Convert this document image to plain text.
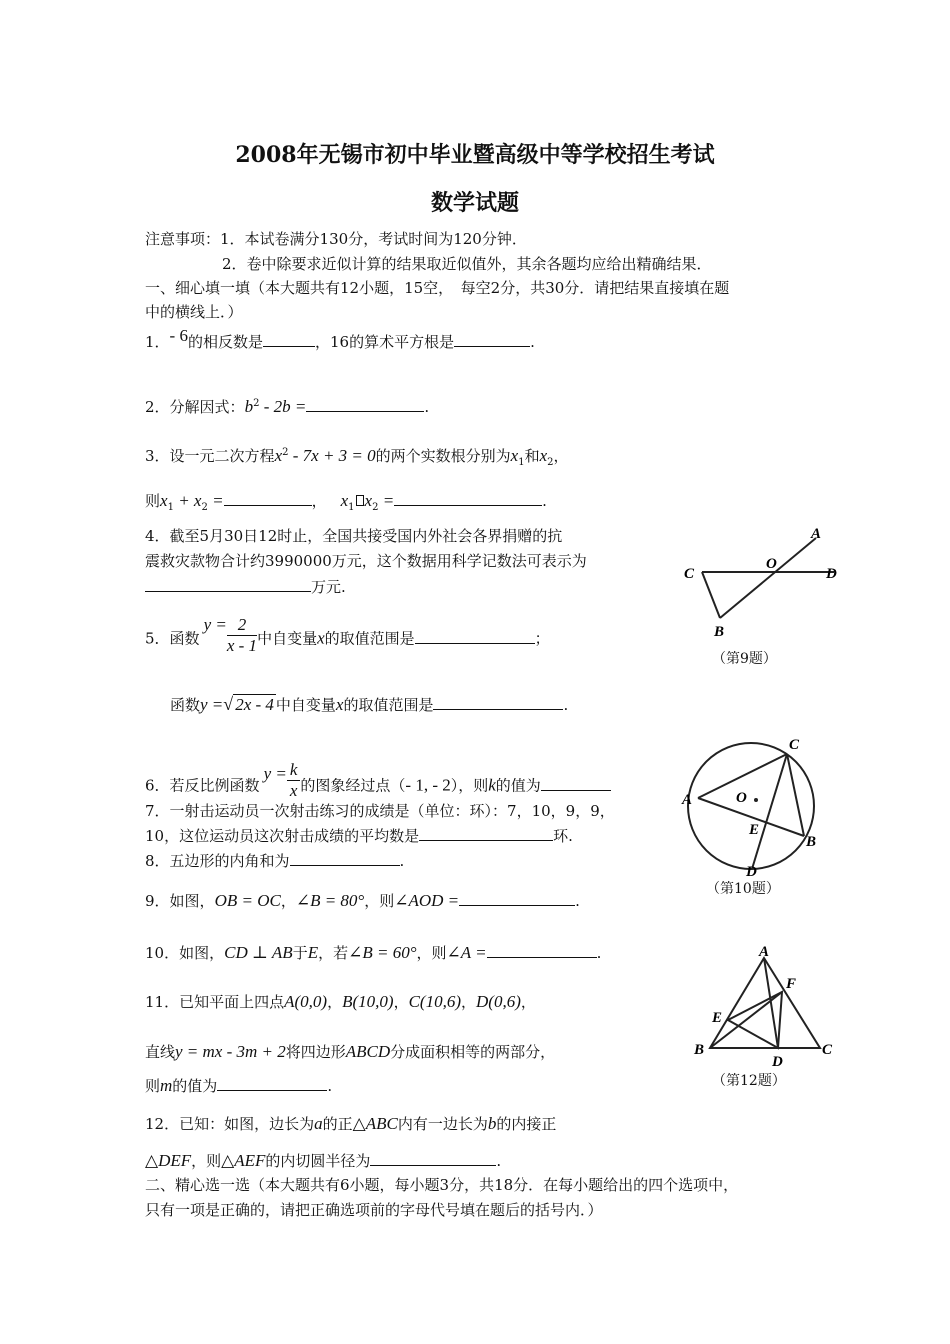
2008年无锡市初中毕业暨高级中等学校招生考试
数学试题
注意事项：1．本试卷满分130分，考试时间为120分钟．
2．卷中除要求近似计算的结果取近似值外，其余各题均应给出精确结果．
一、细心填一填（本大题共有12小题，15空，　每空2分，共30分．请把结果直接填在题
中的横线上．）
1．- 6的相反数是	，16的算术平方根是	.
2．分解因式：$b^2 - 2b$ =	.
3．设一元二次方程$x^2 - 7x + 3 = 0$的两个实数根分别为$x_1$和$x_2$，
则$x_1 + x_2$ =	， $x_1$ $x_2$ =	.
4．截至5月30日12时止，全国共接受国内外社会各界捐赠的抗
震救灾款物合计约3990000万元，这个数据用科学记数法可表示为
万元.
5．函数$y = \frac{2}{x - 1}$ 中自变量x的取值范围是	；
函数y =√ 2x - 4 中自变量x的取值范围是	.
6．若反比例函数$y = \frac{k}{x}$ 的图象经过点（- 1, - 2），则k的值为
7．一射击运动员一次射击练习的成绩是（单位：环）：7，10，9，9，
10，这位运动员这次射击成绩的平均数是	环.
8．五边形的内角和为	.
9．如图，OB = OC，∠B = 80°，则∠AOD =	.
10．如图，CD ⊥ AB于E，若∠B = 60°，则∠A =	.
11．已知平面上四点A(0,0)，B(10,0)，C(10,6)，D(0,6)，
直线y = mx - 3m + 2将四边形ABCD分成面积相等的两部分，
则m的值为	.
12．已知：如图，边长为a的正△ABC内有一边长为b的内接正
△DEF，则△AEF的内切圆半径为	.
二、精心选一选（本大题共有6小题，每小题3分，共18分．在每小题给出的四个选项中，
只有一项是正确的，请把正确选项前的字母代号填在题后的括号内．）
A
C
O
D
B
（第9题）
C
A	O
E
B
D
（第10题）
A
F
E
B
D
C
（第12题）
